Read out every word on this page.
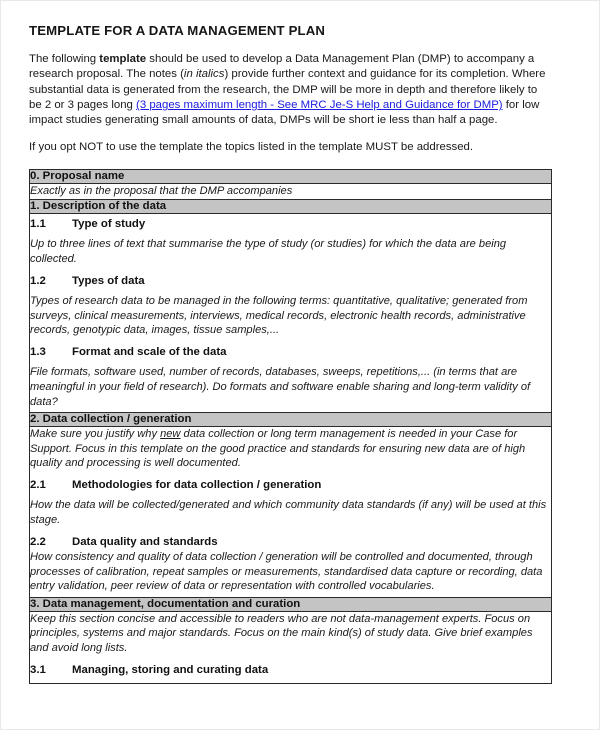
TEMPLATE FOR A DATA MANAGEMENT PLAN

The following template should be used to develop a Data Management Plan (DMP) to accompany a research proposal. The notes (in italics) provide further context and guidance for its completion. Where substantial data is generated from the research, the DMP will be more in depth and therefore likely to be 2 or 3 pages long (3 pages maximum length - See MRC Je-S Help and Guidance for DMP) for low impact studies generating small amounts of data, DMPs will be short ie less than half a page.

If you opt NOT to use the template the topics listed in the template MUST be addressed.

0. Proposal name

Exactly as in the proposal that the DMP accompanies

1. Description of the data

1.1	Type of study

Up to three lines of text that summarise the type of study (or studies) for which the data are being collected.

1.2	Types of data

Types of research data to be managed in the following terms: quantitative, qualitative; generated from surveys, clinical measurements, interviews, medical records, electronic health records, administrative records, genotypic data, images, tissue samples,...

1.3	Format and scale of the data

File formats, software used, number of records, databases, sweeps, repetitions,... (in terms that are meaningful in your field of research). Do formats and software enable sharing and long-term validity of data?

2. Data collection / generation

Make sure you justify why new data collection or long term management is needed in your Case for Support. Focus in this template on the good practice and standards for ensuring new data are of high quality and processing is well documented.

2.1	Methodologies for data collection / generation

How the data will be collected/generated and which community data standards (if any) will be used at this stage.

2.2	Data quality and standards

How consistency and quality of data collection / generation will be controlled and documented, through processes of calibration, repeat samples or measurements, standardised data capture or recording, data entry validation, peer review of data or representation with controlled vocabularies.

3. Data management, documentation and curation

Keep this section concise and accessible to readers who are not data-management experts. Focus on principles, systems and major standards. Focus on the main kind(s) of study data. Give brief examples and avoid long lists.

3.1	Managing, storing and curating data
